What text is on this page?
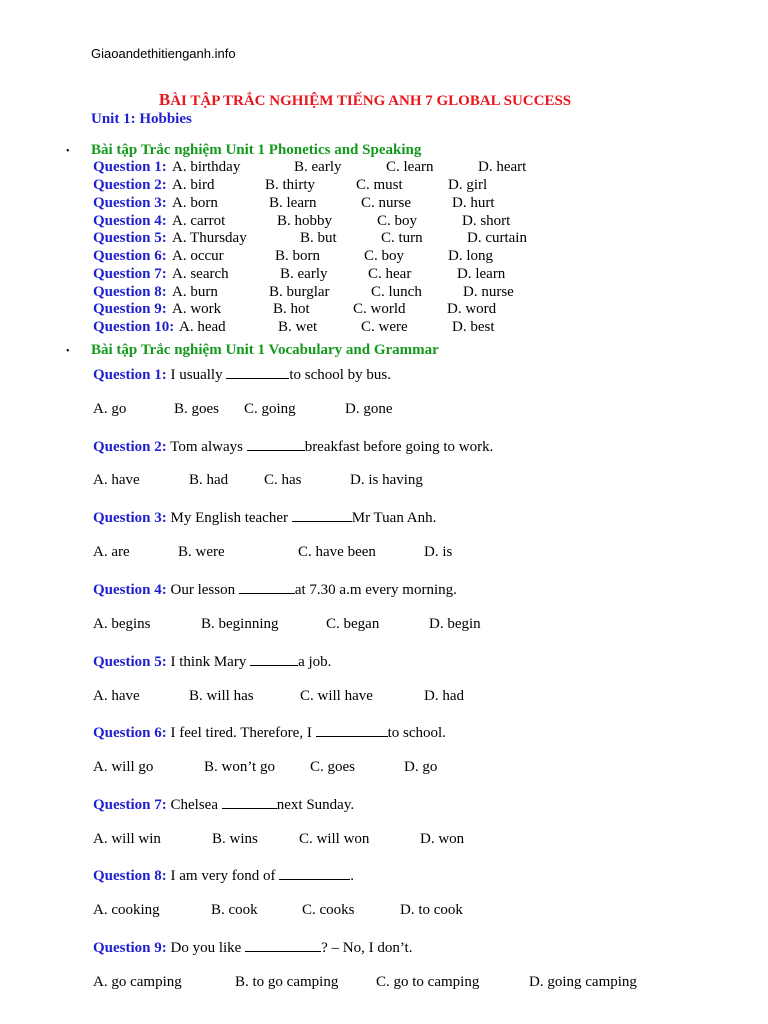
Giaoandethitienganh.info
BÀI TẬP TRẮC NGHIỆM TIẾNG ANH 7 GLOBAL SUCCESS
Unit 1: Hobbies
• Bài tập Trắc nghiệm Unit 1 Phonetics and Speaking
Question 1: A. birthday	B. early	C. learn	D. heart
Question 2: A. bird	B. thirty	C. must	D. girl
Question 3: A. born	B. learn	C. nurse	D. hurt
Question 4: A. carrot	B. hobby	C. boy	D. short
Question 5: A. Thursday	B. but	C. turn	D. curtain
Question 6: A. occur	B. born	C. boy	D. long
Question 7: A. search	B. early	C. hear	D. learn
Question 8: A. burn	B. burglar	C. lunch	D. nurse
Question 9: A. work	B. hot	C. world	D. word
Question 10: A. head	B. wet	C. were	D. best
• Bài tập Trắc nghiệm Unit 1 Vocabulary and Grammar
Question 1: I usually	to school by bus.
A. go	B. goes C. going	D. gone
Question 2: Tom always	breakfast before going to work.
A. have	B. had C. has	D. is having
Question 3: My English teacher	Mr Tuan Anh.
A. are	B. were	C. have been	D. is
Question 4: Our lesson	at 7.30 a.m every morning.
A. begins	B. beginning	C. began	D. begin
Question 5: I think Mary	a job.
A. have	B. will has	C. will have	D. had
Question 6: I feel tired. Therefore, I	to school.
A. will go	B. won’t go C. goes	D. go
Question 7: Chelsea	next Sunday.
A. will win	B. wins	C. will won	D. won
Question 8: I am very fond of	.
A. cooking	B. cook	C. cooks	D. to cook
Question 9: Do you like	? – No, I don’t.
A. go camping	B. to go camping	C. go to camping	D. going camping
